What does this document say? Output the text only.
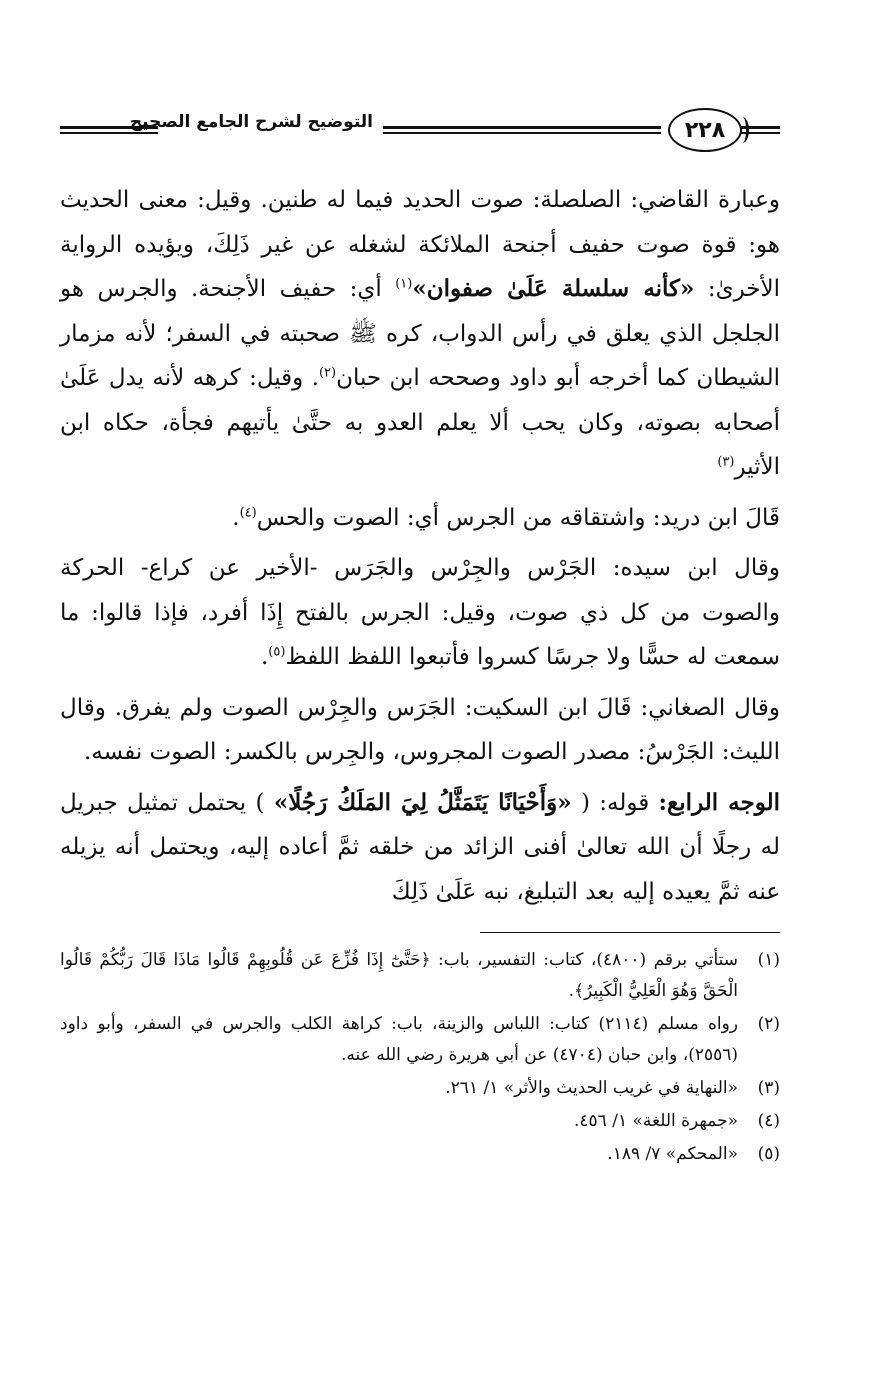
التوضيح لشرح الجامع الصحيح	٢٢٨

وعبارة القاضي: الصلصلة: صوت الحديد فيما له طنين. وقيل: معنى الحديث هو: قوة صوت حفيف أجنحة الملائكة لشغله عن غير ذَلِكَ، ويؤيده الرواية الأخرىٰ: «كأنه سلسلة عَلَىٰ صفوان»$^{(١)}$ أي: حفيف الأجنحة. والجرس هو الجلجل الذي يعلق في رأس الدواب، كره ﷺ صحبته في السفر؛ لأنه مزمار الشيطان كما أخرجه أبو داود وصححه ابن حبان$^{(٢)}$. وقيل: كرهه لأنه يدل عَلَىٰ أصحابه بصوته، وكان يحب ألا يعلم العدو به حتَّىٰ يأتيهم فجأة، حكاه ابن الأثير$^{(٣)}$

قَالَ ابن دريد: واشتقاقه من الجرس أي: الصوت والحس$^{(٤)}$.

وقال ابن سيده: الجَرْس والجِرْس والجَرَس -الأخير عن كراع- الحركة والصوت من كل ذي صوت، وقيل: الجرس بالفتح إِذَا أفرد، فإذا قالوا: ما سمعت له حسًّا ولا جرسًا كسروا فأتبعوا اللفظ اللفظ$^{(٥)}$.

وقال الصغاني: قَالَ ابن السكيت: الجَرَس والجِرْس الصوت ولم يفرق. وقال الليث: الجَرْسُ: مصدر الصوت المجروس، والجِرس بالكسر: الصوت نفسه.

الوجه الرابع: قوله: ( «وَأَحْيَانًا يَتَمَثَّلُ لِيَ المَلَكُ رَجُلًا» ) يحتمل تمثيل جبريل له رجلًا أن الله تعالىٰ أفنى الزائد من خلقه ثمَّ أعاده إليه، ويحتمل أنه يزيله عنه ثمَّ يعيده إليه بعد التبليغ، نبه عَلَىٰ ذَلِكَ

(١)
ستأتي برقم (٤٨٠٠)، كتاب: التفسير، باب: ﴿حَتَّىٰٓ إِذَا فُزِّعَ عَن قُلُوبِهِمْ قَالُوا مَاذَا قَالَ رَبُّكُمْ قَالُوا الْحَقَّ وَهُوَ الْعَلِيُّ الْكَبِيرُ﴾.
(٢)
رواه مسلم (٢١١٤) كتاب: اللباس والزينة، باب: كراهة الكلب والجرس في السفر، وأبو داود (٢٥٥٦)، وابن حبان (٤٧٠٤) عن أبي هريرة رضي الله عنه.
(٣)
«النهاية في غريب الحديث والأثر» ١/ ٢٦١.
(٤)
«جمهرة اللغة» ١/ ٤٥٦.
(٥)
«المحكم» ٧/ ١٨٩.
